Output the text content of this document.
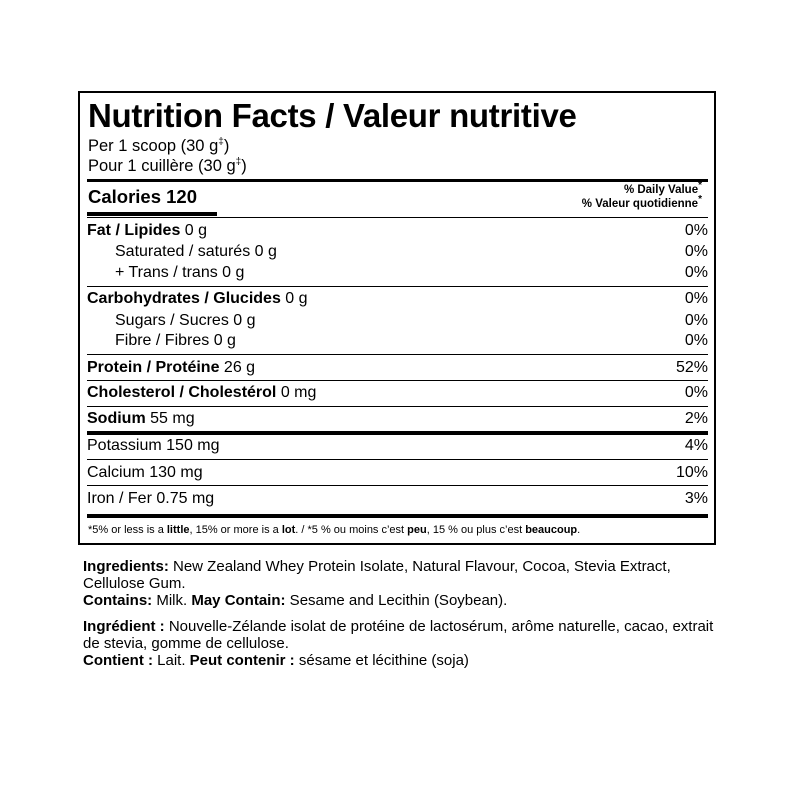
Nutrition Facts / Valeur nutritive
Per 1 scoop (30 g‡)
Pour 1 cuillère (30 g‡)
Calories 120	% Daily Value*
% Valeur quotidienne*
Fat / Lipides 0 g	0%
Saturated / saturés 0 g	0%
+ Trans / trans 0 g	0%
Carbohydrates / Glucides 0 g	0%
Sugars / Sucres 0 g	0%
Fibre / Fibres 0 g	0%
Protein / Protéine 26 g	52%
Cholesterol / Cholestérol 0 mg	0%
Sodium 55 mg	2%
Potassium 150 mg	4%
Calcium 130 mg	10%
Iron / Fer 0.75 mg	3%
*5% or less is a little, 15% or more is a lot. / *5 % ou moins c’est peu, 15 % ou plus c’est beaucoup.

Ingredients: New Zealand Whey Protein Isolate, Natural Flavour, Cocoa, Stevia Extract, Cellulose Gum.

Contains: Milk. May Contain: Sesame and Lecithin (Soybean).

Ingrédient : Nouvelle-Zélande isolat de protéine de lactosérum, arôme naturelle, cacao, extrait de stevia, gomme de cellulose.

Contient : Lait. Peut contenir : sésame et lécithine (soja)
